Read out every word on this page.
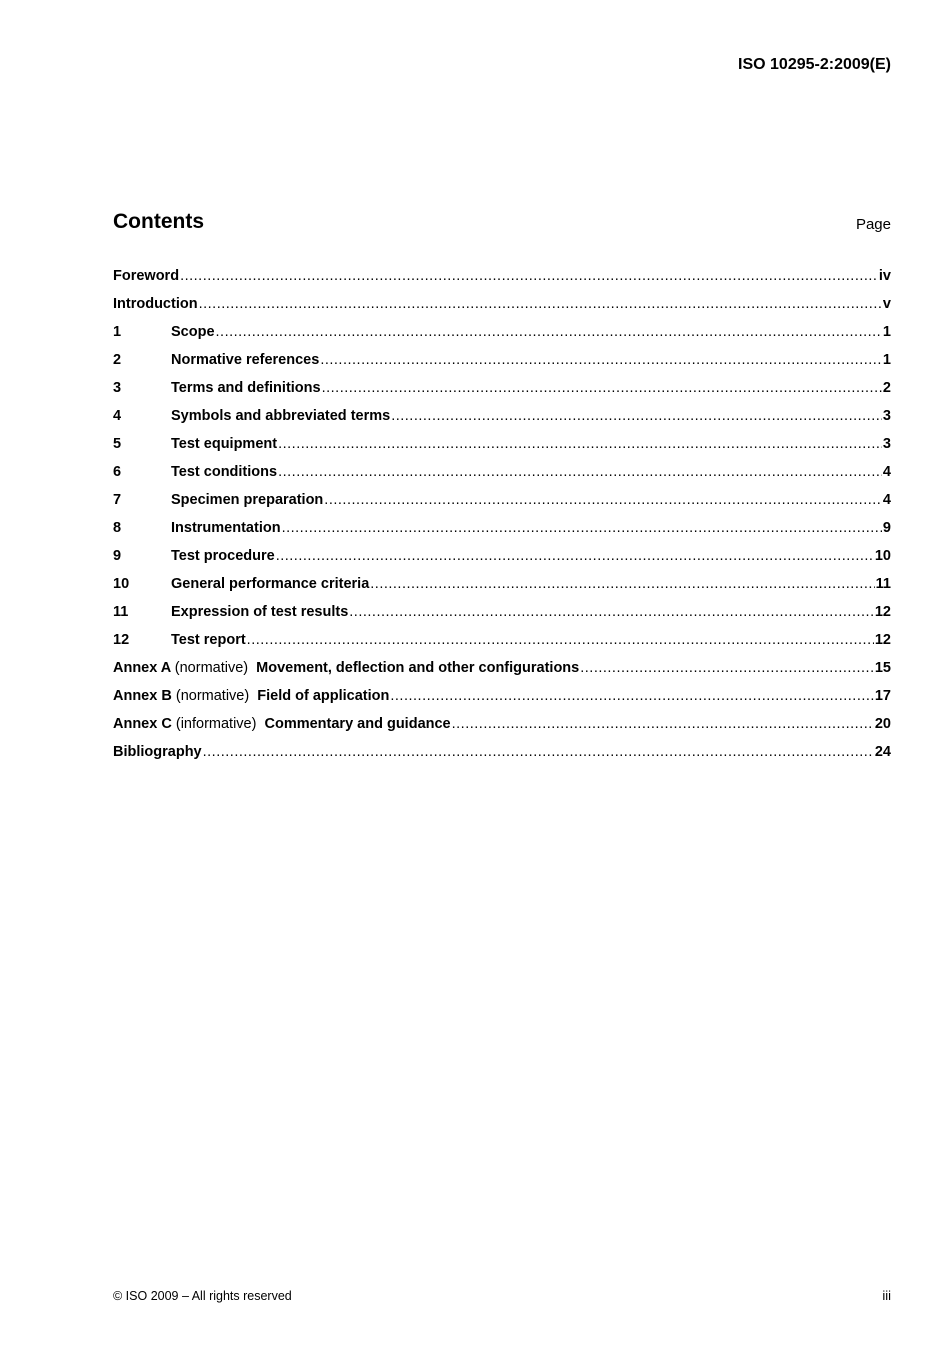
ISO 10295-2:2009(E)
Contents	Page
Foreword .....	iv
Introduction .....	v
1	Scope .....	1
2	Normative references .....	1
3	Terms and definitions .....	2
4	Symbols and abbreviated terms .....	3
5	Test equipment .....	3
6	Test conditions .....	4
7	Specimen preparation .....	4
8	Instrumentation .....	9
9	Test procedure .....	10
10	General performance criteria .....	11
11	Expression of test results .....	12
12	Test report .....	12
Annex A (normative) Movement, deflection and other configurations .....	15
Annex B (normative) Field of application .....	17
Annex C (informative) Commentary and guidance .....	20
Bibliography .....	24
© ISO 2009 – All rights reserved	iii
